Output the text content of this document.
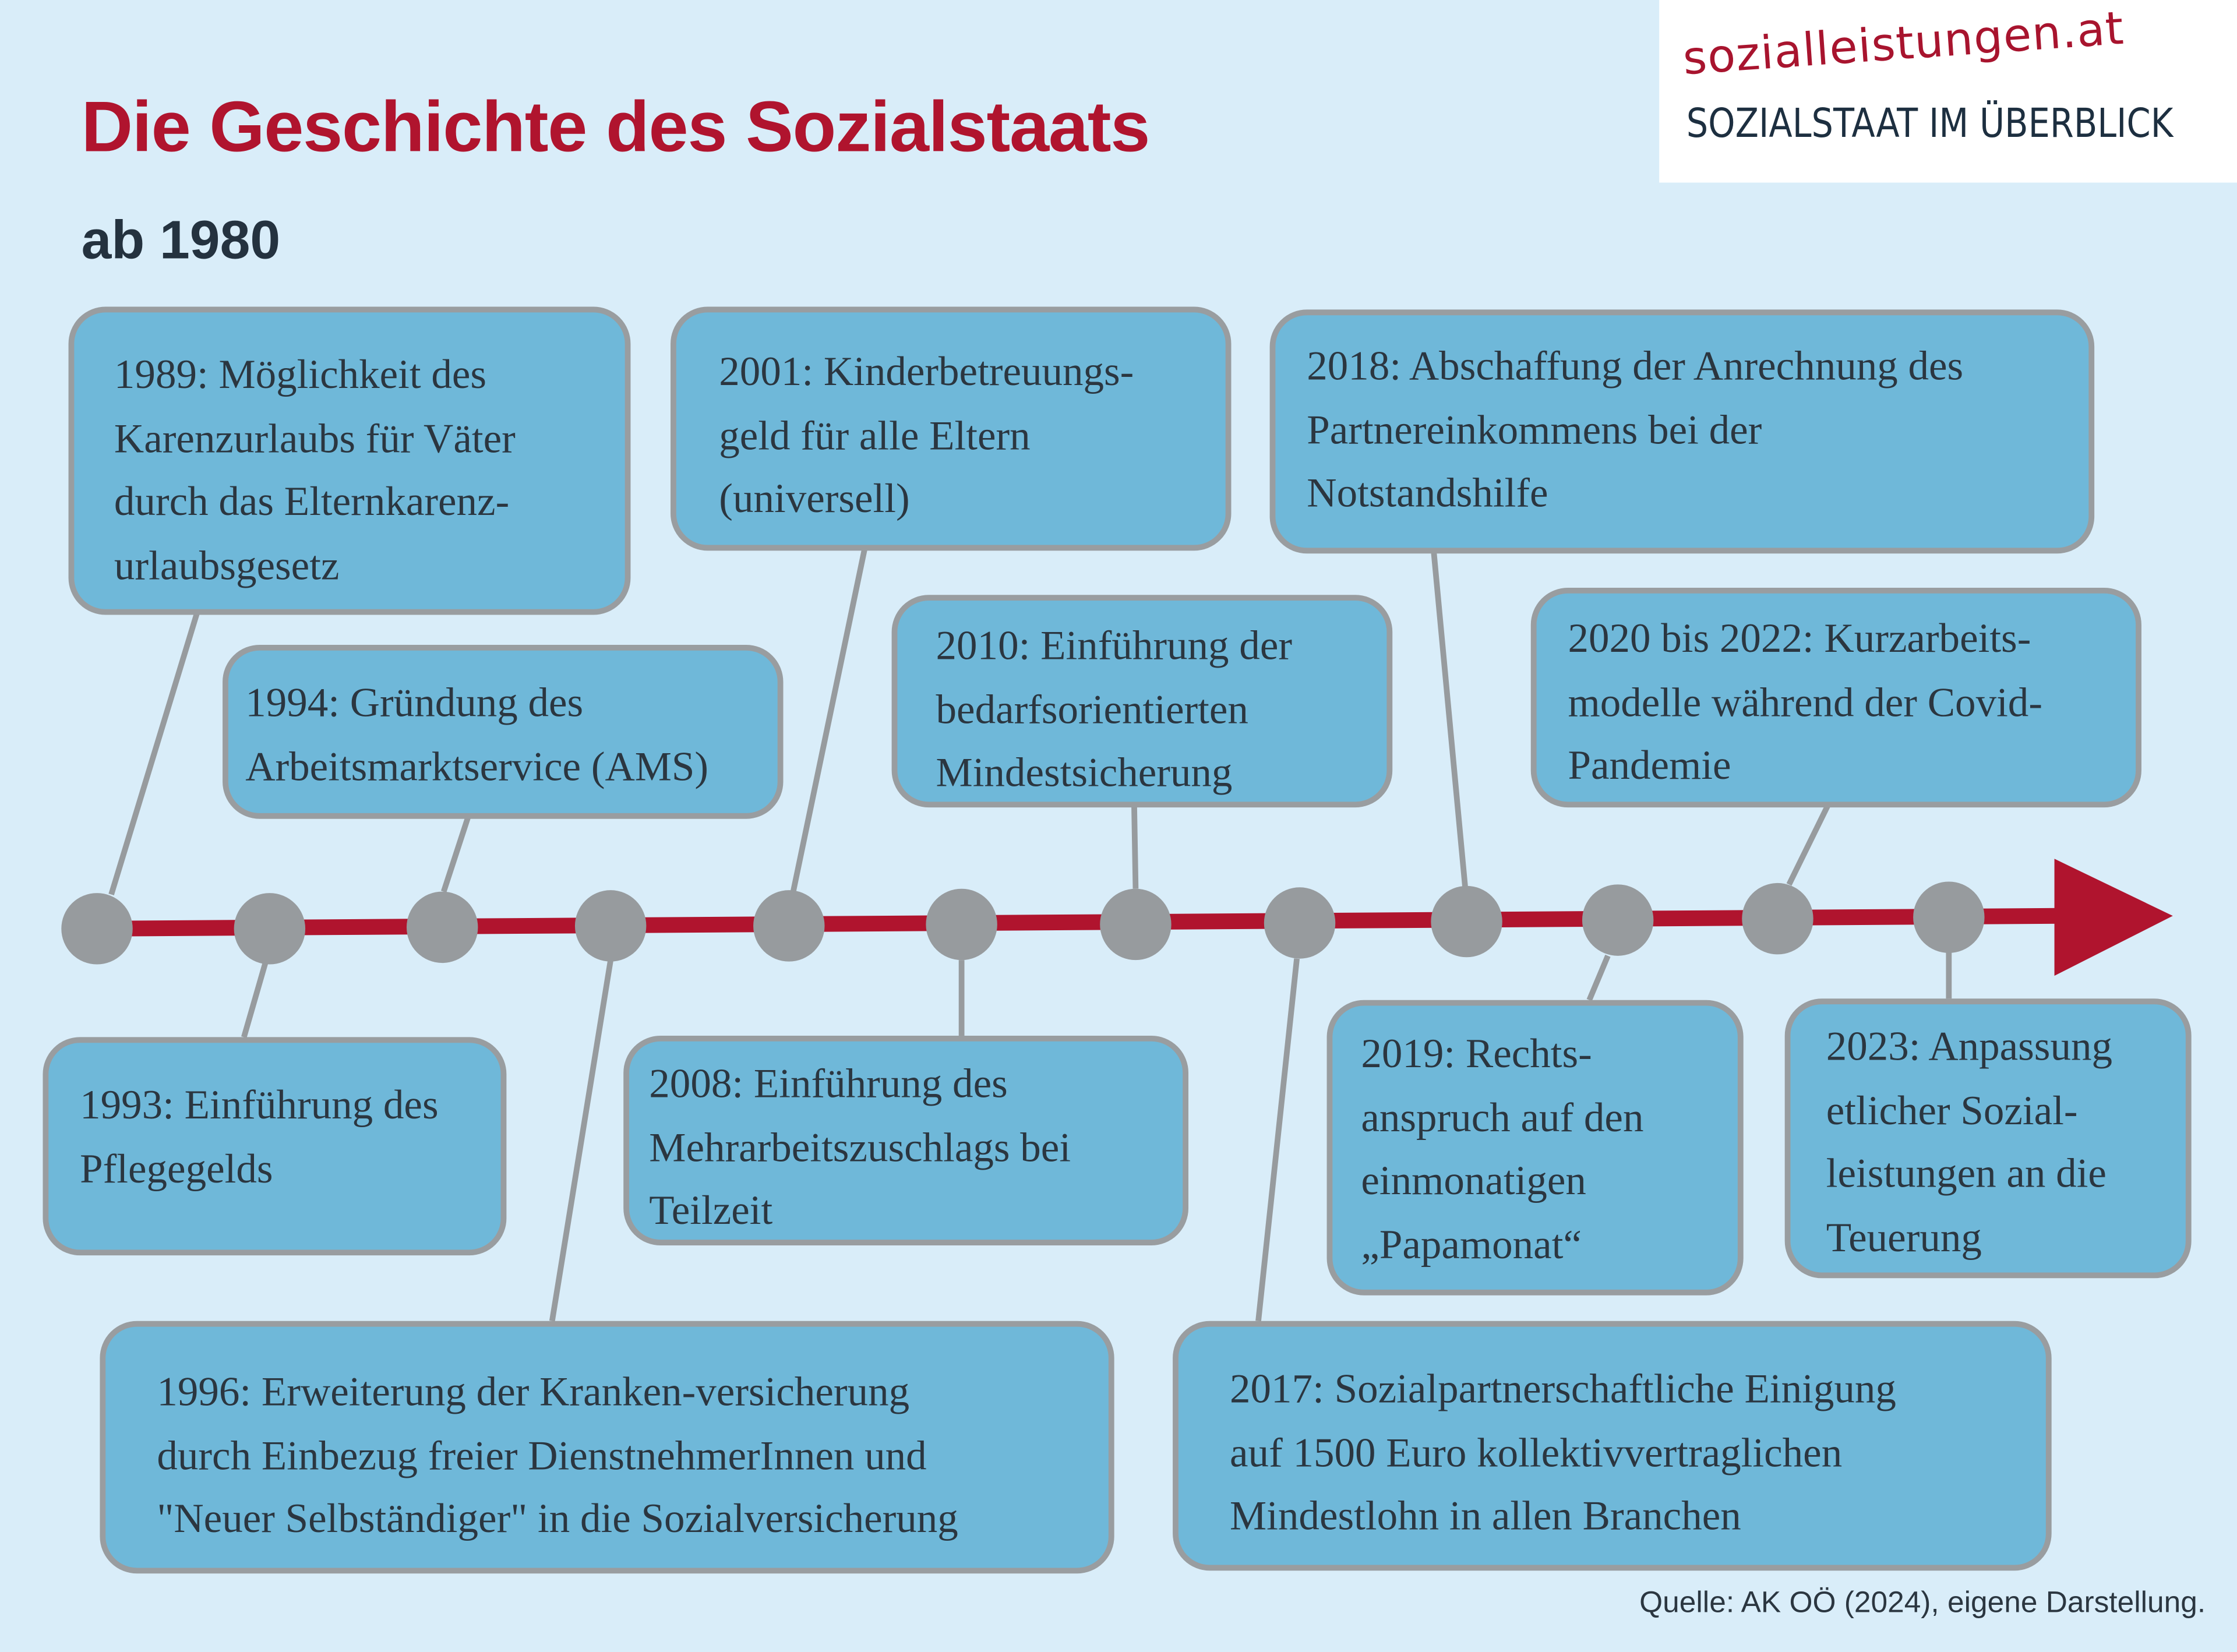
Die Geschichte des Sozialstaats
ab 1980
sozialleistungen.at
SOZIALSTAAT IM ÜBERBLICK
1989: Möglichkeit des
Karenzurlaubs für Väter
durch das Elternkarenz-
urlaubsgesetz
1993: Einführung des
Pflegegelds
1994: Gründung des
Arbeitsmarktservice (AMS)
1996: Erweiterung der Kranken-versicherung
durch Einbezug freier DienstnehmerInnen und
"Neuer Selbständiger" in die Sozialversicherung
2001: Kinderbetreuungs-
geld für alle Eltern
(universell)
2008: Einführung des
Mehrarbeitszuschlags bei
Teilzeit
2010: Einführung der
bedarfsorientierten
Mindestsicherung
2017: Sozialpartnerschaftliche Einigung
auf 1500 Euro kollektivvertraglichen
Mindestlohn in allen Branchen
2018: Abschaffung der Anrechnung des
Partnereinkommens bei der
Notstandshilfe
2019: Rechts-
anspruch auf den
einmonatigen
„Papamonat“
2020 bis 2022: Kurzarbeits-
modelle während der Covid-
Pandemie
2023: Anpassung
etlicher Sozial-
leistungen an die
Teuerung
Quelle: AK OÖ (2024), eigene Darstellung.
